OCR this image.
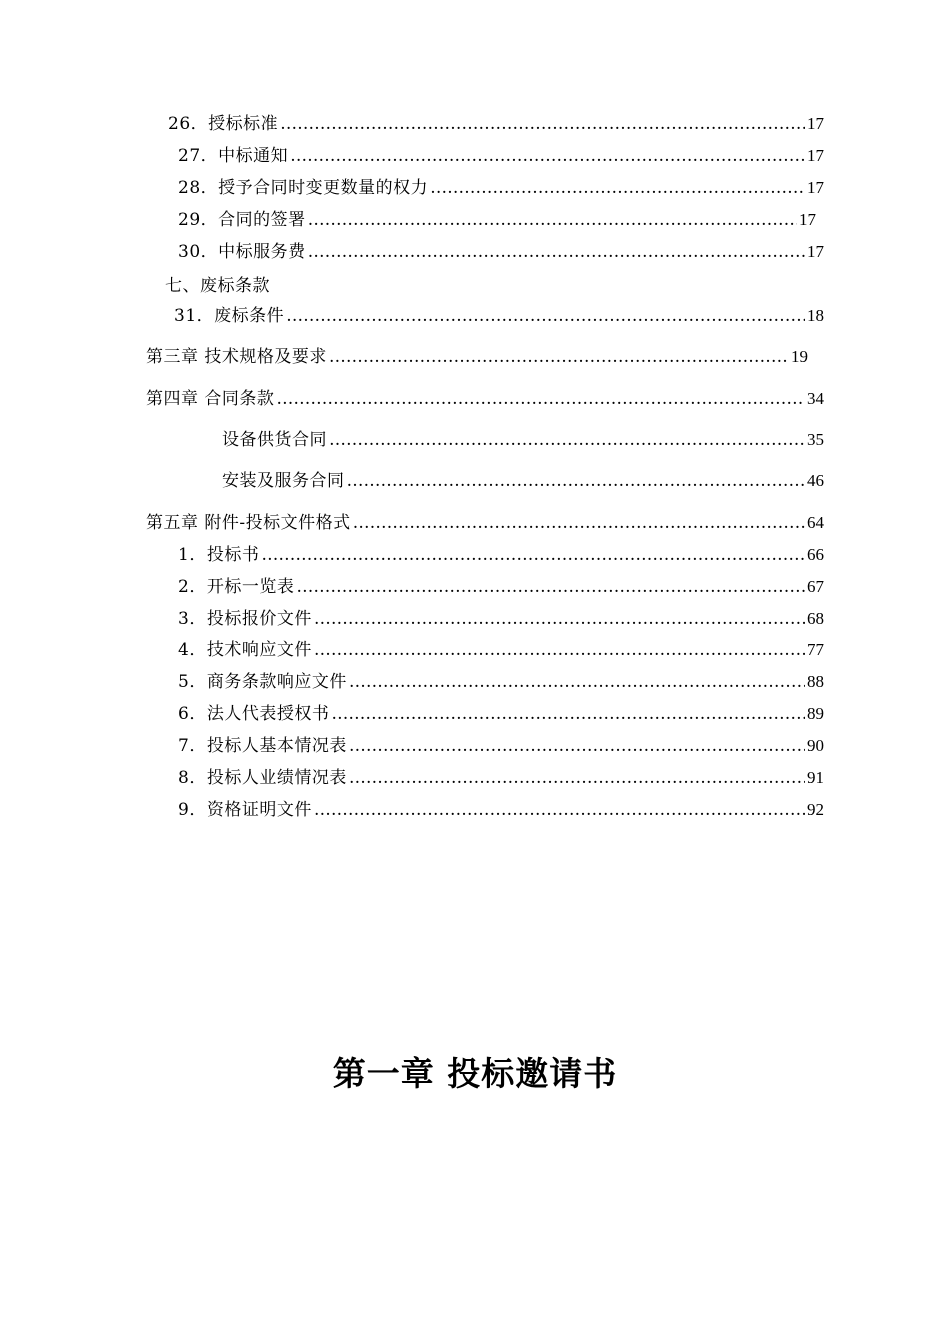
26．授标标准 ……………………………………………………………………………………………………………………………………………………………………………………………………………	17
27．中标通知 ……………………………………………………………………………………………………………………………………………………………………………………………………………	17
28．授予合同时变更数量的权力 ……………………………………………………………………………………………………………………………………………………………………………………………………………	17
29．合同的签署 ……………………………………………………………………………………………………………………………………………………………………………………………………………	17
30．中标服务费 ……………………………………………………………………………………………………………………………………………………………………………………………………………	17
七、废标条款
31．废标条件 ……………………………………………………………………………………………………………………………………………………………………………………………………………	18
第三章 技术规格及要求 ……………………………………………………………………………………………………………………………………………………………………………………………………………	19
第四章 合同条款 ……………………………………………………………………………………………………………………………………………………………………………………………………………	34
设备供货合同 ……………………………………………………………………………………………………………………………………………………………………………………………………………	35
安装及服务合同 ……………………………………………………………………………………………………………………………………………………………………………………………………………	46
第五章 附件-投标文件格式 ……………………………………………………………………………………………………………………………………………………………………………………………………………	64
1．投标书 ……………………………………………………………………………………………………………………………………………………………………………………………………………	66
2．开标一览表 ……………………………………………………………………………………………………………………………………………………………………………………………………………	67
3．投标报价文件 ……………………………………………………………………………………………………………………………………………………………………………………………………………	68
4．技术响应文件 ……………………………………………………………………………………………………………………………………………………………………………………………………………	77
5．商务条款响应文件 ……………………………………………………………………………………………………………………………………………………………………………………………………………	88
6．法人代表授权书 ……………………………………………………………………………………………………………………………………………………………………………………………………………	89
7．投标人基本情况表 ……………………………………………………………………………………………………………………………………………………………………………………………………………	90
8．投标人业绩情况表 ……………………………………………………………………………………………………………………………………………………………………………………………………………	91
9．资格证明文件 ……………………………………………………………………………………………………………………………………………………………………………………………………………	92
第一章 投标邀请书
